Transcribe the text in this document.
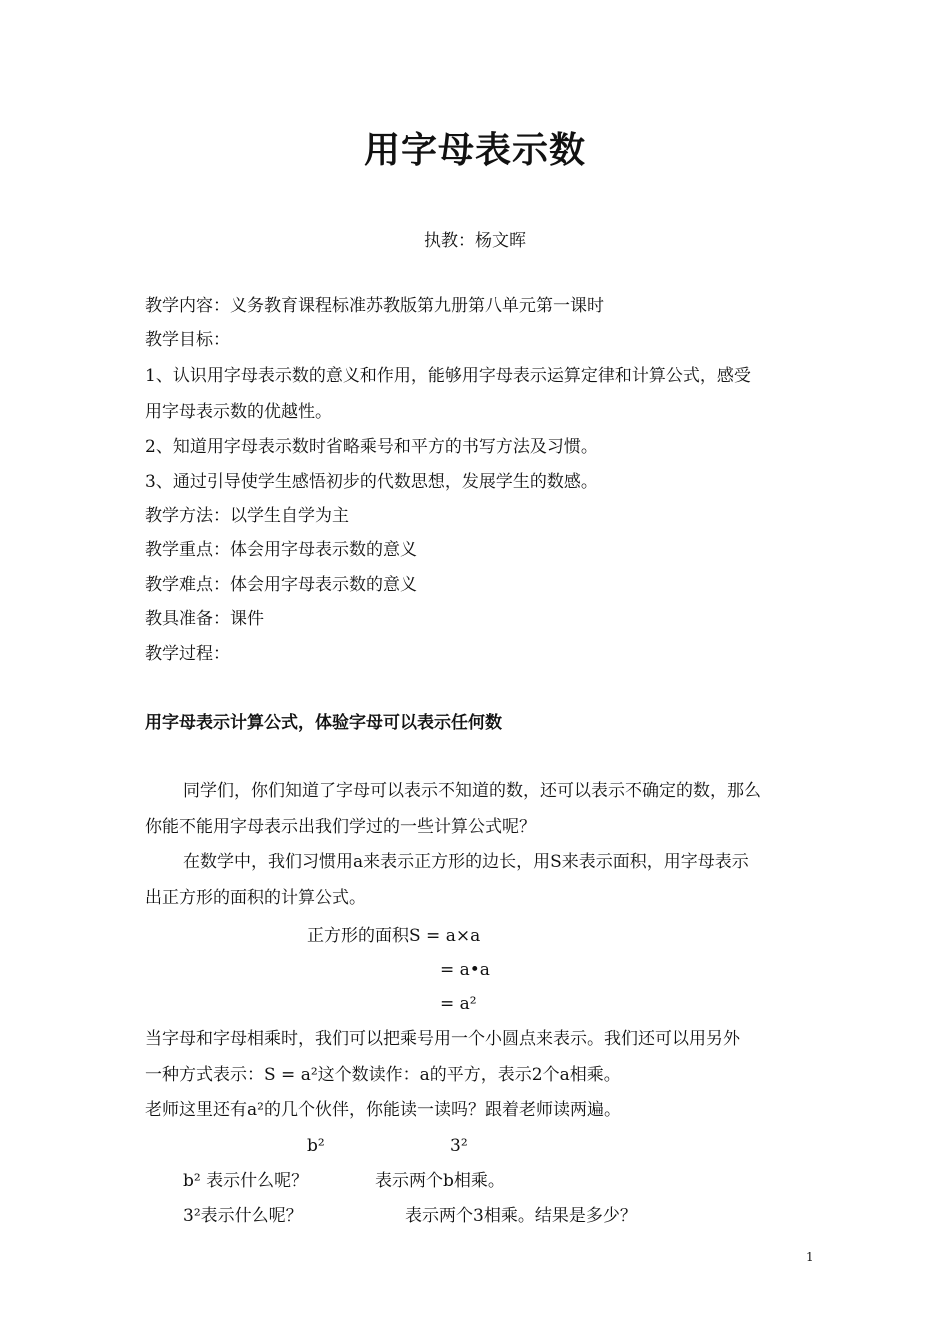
用字母表示数
执教：杨文晖
教学内容：义务教育课程标准苏教版第九册第八单元第一课时
教学目标：
1、认识用字母表示数的意义和作用，能够用字母表示运算定律和计算公式，感受
用字母表示数的优越性。
2、知道用字母表示数时省略乘号和平方的书写方法及习惯。
3、通过引导使学生感悟初步的代数思想，发展学生的数感。
教学方法：以学生自学为主
教学重点：体会用字母表示数的意义
教学难点：体会用字母表示数的意义
教具准备：课件
教学过程：
用字母表示计算公式，体验字母可以表示任何数
同学们，你们知道了字母可以表示不知道的数，还可以表示不确定的数，那么
你能不能用字母表示出我们学过的一些计算公式呢？
在数学中，我们习惯用a来表示正方形的边长，用S来表示面积，用字母表示
出正方形的面积的计算公式。
正方形的面积S = a×a
= a•a
= a²
当字母和字母相乘时，我们可以把乘号用一个小圆点来表示。我们还可以用另外
一种方式表示：S = a²这个数读作：a的平方，表示2个a相乘。
老师这里还有a²的几个伙伴，你能读一读吗？跟着老师读两遍。
b²	3²
b² 表示什么呢？	表示两个b相乘。
3²表示什么呢？	表示两个3相乘。结果是多少？
1
